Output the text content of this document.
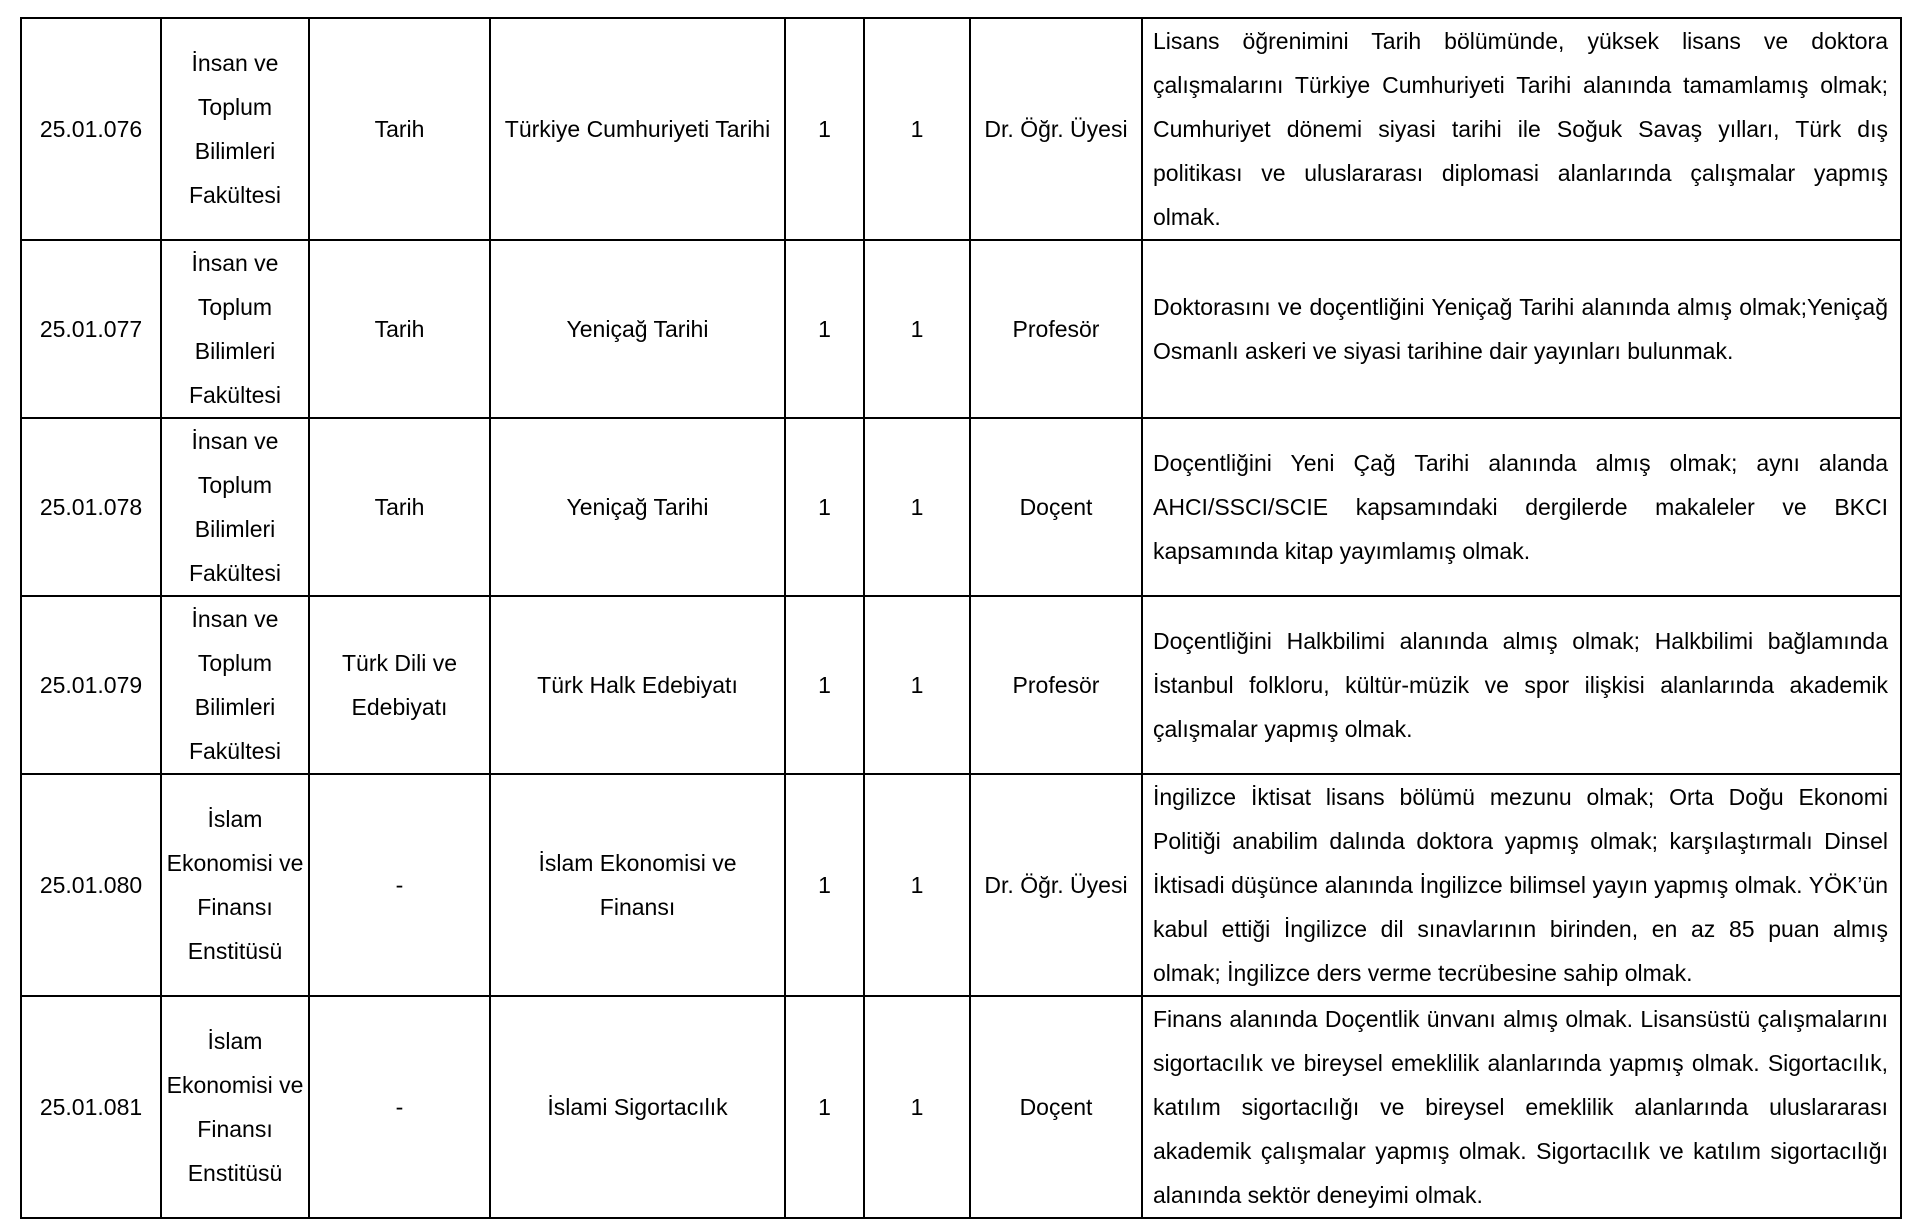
25.01.076	İnsan ve Toplum Bilimleri Fakültesi	Tarih	Türkiye Cumhuriyeti Tarihi	1	1	Dr. Öğr. Üyesi	Lisans öğrenimini Tarih bölümünde, yüksek lisans ve doktora çalışmalarını Türkiye Cumhuriyeti Tarihi alanında tamamlamış olmak; Cumhuriyet dönemi siyasi tarihi ile Soğuk Savaş yılları, Türk dış politikası ve uluslararası diplomasi alanlarında çalışmalar yapmış olmak.
25.01.077	İnsan ve Toplum Bilimleri Fakültesi	Tarih	Yeniçağ Tarihi	1	1	Profesör	Doktorasını ve doçentliğini Yeniçağ Tarihi alanında almış olmak;Yeniçağ Osmanlı askeri ve siyasi tarihine dair yayınları bulunmak.
25.01.078	İnsan ve Toplum Bilimleri Fakültesi	Tarih	Yeniçağ Tarihi	1	1	Doçent	Doçentliğini Yeni Çağ Tarihi alanında almış olmak; aynı alanda AHCI/SSCI/SCIE kapsamındaki dergilerde makaleler ve BKCI kapsamında kitap yayımlamış olmak.
25.01.079	İnsan ve Toplum Bilimleri Fakültesi	Türk Dili ve Edebiyatı	Türk Halk Edebiyatı	1	1	Profesör	Doçentliğini Halkbilimi alanında almış olmak; Halkbilimi bağlamında İstanbul folkloru, kültür-müzik ve spor ilişkisi alanlarında akademik çalışmalar yapmış olmak.
25.01.080	İslam Ekonomisi ve Finansı Enstitüsü	-	İslam Ekonomisi ve Finansı	1	1	Dr. Öğr. Üyesi	İngilizce İktisat lisans bölümü mezunu olmak; Orta Doğu Ekonomi Politiği anabilim dalında doktora yapmış olmak; karşılaştırmalı Dinsel İktisadi düşünce alanında İngilizce bilimsel yayın yapmış olmak. YÖK’ün kabul ettiği İngilizce dil sınavlarının birinden, en az 85 puan almış olmak; İngilizce ders verme tecrübesine sahip olmak.
25.01.081	İslam Ekonomisi ve Finansı Enstitüsü	-	İslami Sigortacılık	1	1	Doçent	Finans alanında Doçentlik ünvanı almış olmak. Lisansüstü çalışmalarını sigortacılık ve bireysel emeklilik alanlarında yapmış olmak. Sigortacılık, katılım sigortacılığı ve bireysel emeklilik alanlarında uluslararası akademik çalışmalar yapmış olmak. Sigortacılık ve katılım sigortacılığı alanında sektör deneyimi olmak.
